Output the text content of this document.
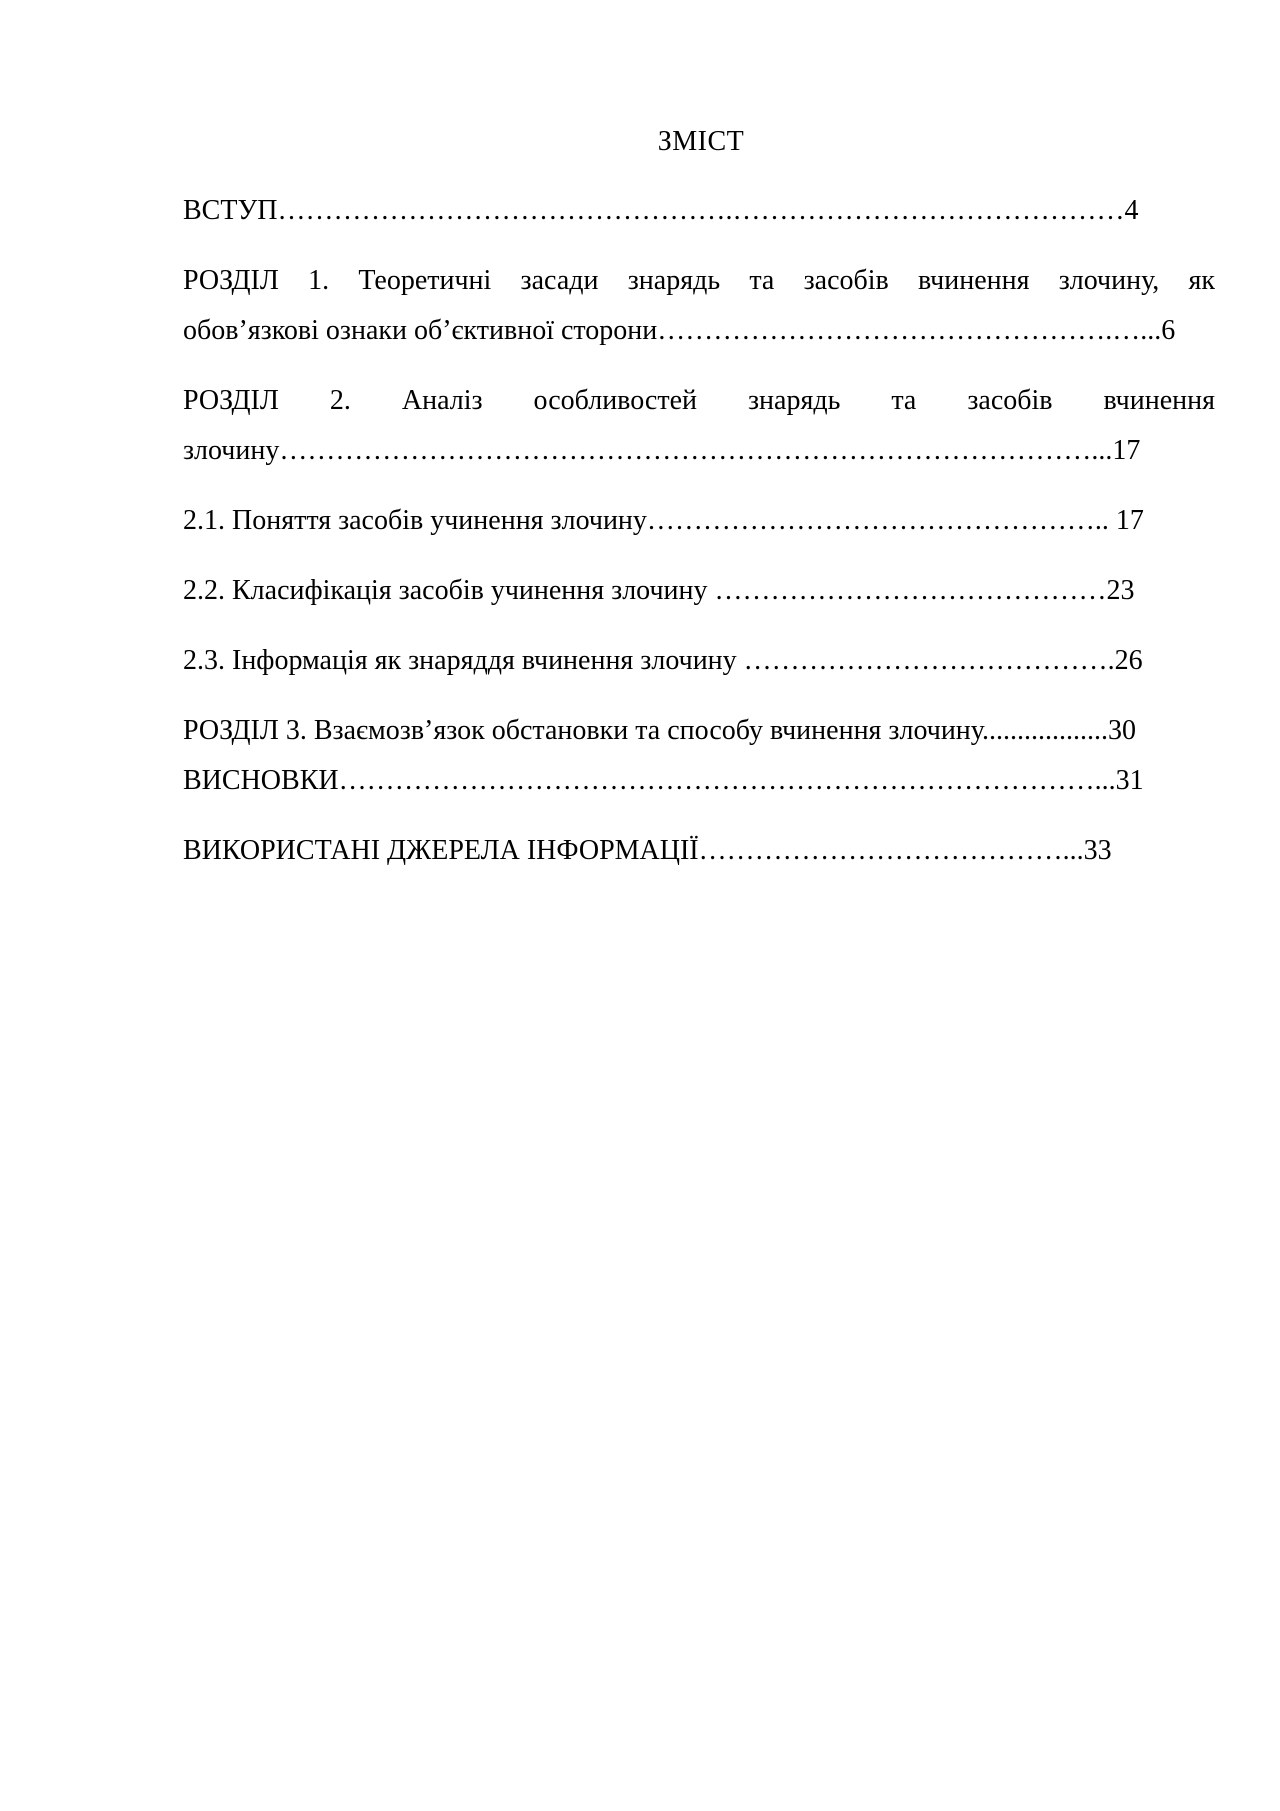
ЗМІСТ
ВСТУП………………………………………….……………………………………4
РОЗДІЛ 1. Теоретичні засади знарядь та засобів вчинення злочину, як
обов’язкові ознаки об’єктивної сторони………………………………………….…...6
РОЗДІЛ 2. Аналіз особливостей знарядь та засобів вчинення
злочину……………………………………………………………………………...17
2.1. Поняття засобів учинення злочину………………………………………….. 17
2.2. Класифікація засобів учинення злочину ……………………………………23
2.3. Інформація як знаряддя вчинення злочину ………………………………….26
РОЗДІЛ 3. Взаємозв’язок обстановки та способу вчинення злочину..................30
ВИСНОВКИ………………………………………………………………………...31
ВИКОРИСТАНІ ДЖЕРЕЛА ІНФОРМАЦІЇ…………………………………...33
